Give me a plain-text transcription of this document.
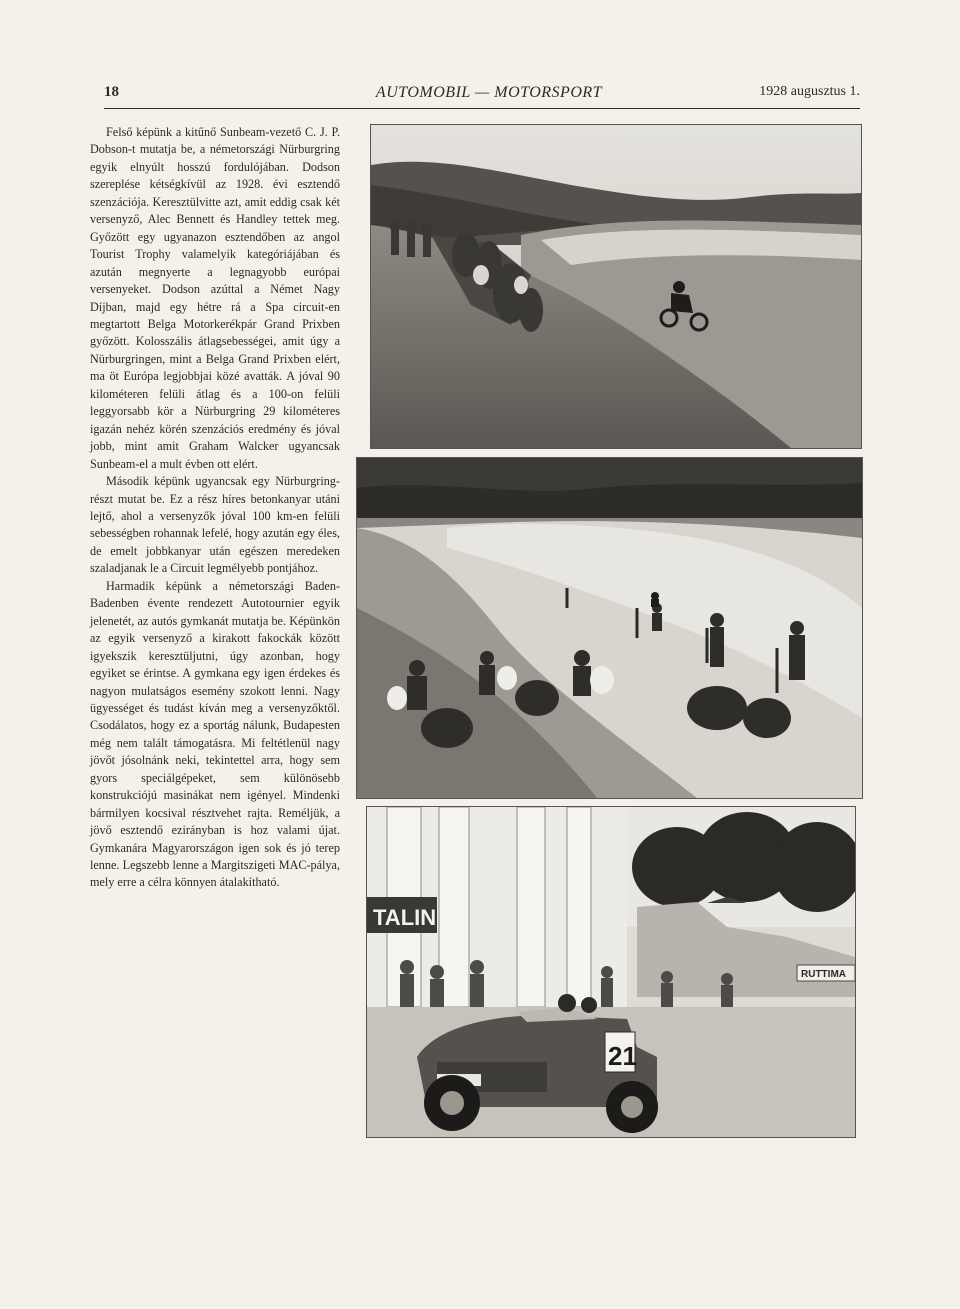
18	AUTOMOBIL — MOTORSPORT	1928 augusztus 1.

Felső képünk a kitűnő Sunbeam-vezető C. J. P. Dobson-t mutatja be, a németországi Nürburgring egyik elnyúlt hosszú fordulójában. Dodson szereplése kétségkívül az 1928. évi esztendő szenzációja. Keresztülvitte azt, amit eddig csak két versenyző, Alec Bennett és Handley tettek meg. Győzött egy ugyanazon esztendőben az angol Tourist Trophy valamelyik kategóriájában és azután megnyerte a legnagyobb európai versenyeket. Dodson azúttal a Német Nagy Díjban, majd egy hétre rá a Spa circuit-en megtartott Belga Motorkerékpár Grand Prixben győzött. Kolosszális átlagsebességei, amit úgy a Nürburgringen, mint a Belga Grand Prixben elért, ma öt Európa legjobbjai közé avatták. A jóval 90 kilométeren felüli átlag és a 100-on felüli leggyorsabb kör a Nürburgring 29 kilométeres igazán nehéz körén szenzációs eredmény és jóval jobb, mint amit Graham Walcker ugyancsak Sunbeam-el a mult évben ott elért.

Második képünk ugyancsak egy Nürburgring-részt mutat be. Ez a rész híres betonkanyar utáni lejtő, ahol a versenyzők jóval 100 km-en felüli sebességben rohannak lefelé, hogy azután egy éles, de emelt jobbkanyar után egészen meredeken szaladjanak le a Circuit legmélyebb pontjához.

Harmadik képünk a németországi Baden-Badenben évente rendezett Autotournier egyik jelenetét, az autós gymkanát mutatja be. Képünkön az egyik versenyző a kirakott fakockák között igyekszik keresztüljutni, úgy azonban, hogy egyiket se érintse. A gymkana egy igen érdekes és nagyon mulatságos esemény szokott lenni. Nagy ügyességet és tudást kíván meg a versenyzőktől. Csodálatos, hogy ez a sportág nálunk, Budapesten még nem talált támogatásra. Mi feltétlenül nagy jövőt jósolnánk neki, tekintettel arra, hogy sem gyors speciálgépeket, sem különösebb konstrukciójú masinákat nem igényel. Mindenki bármilyen kocsival résztvehet rajta. Reméljük, a jövő esztendő ezirányban is hoz valami újat. Gymkanára Magyarországon igen sok és jó terep lenne. Legszebb lenne a Margitszigeti MAC-pálya, mely erre a célra könnyen átalakítható.

TALIN
RUTTIMA
21
